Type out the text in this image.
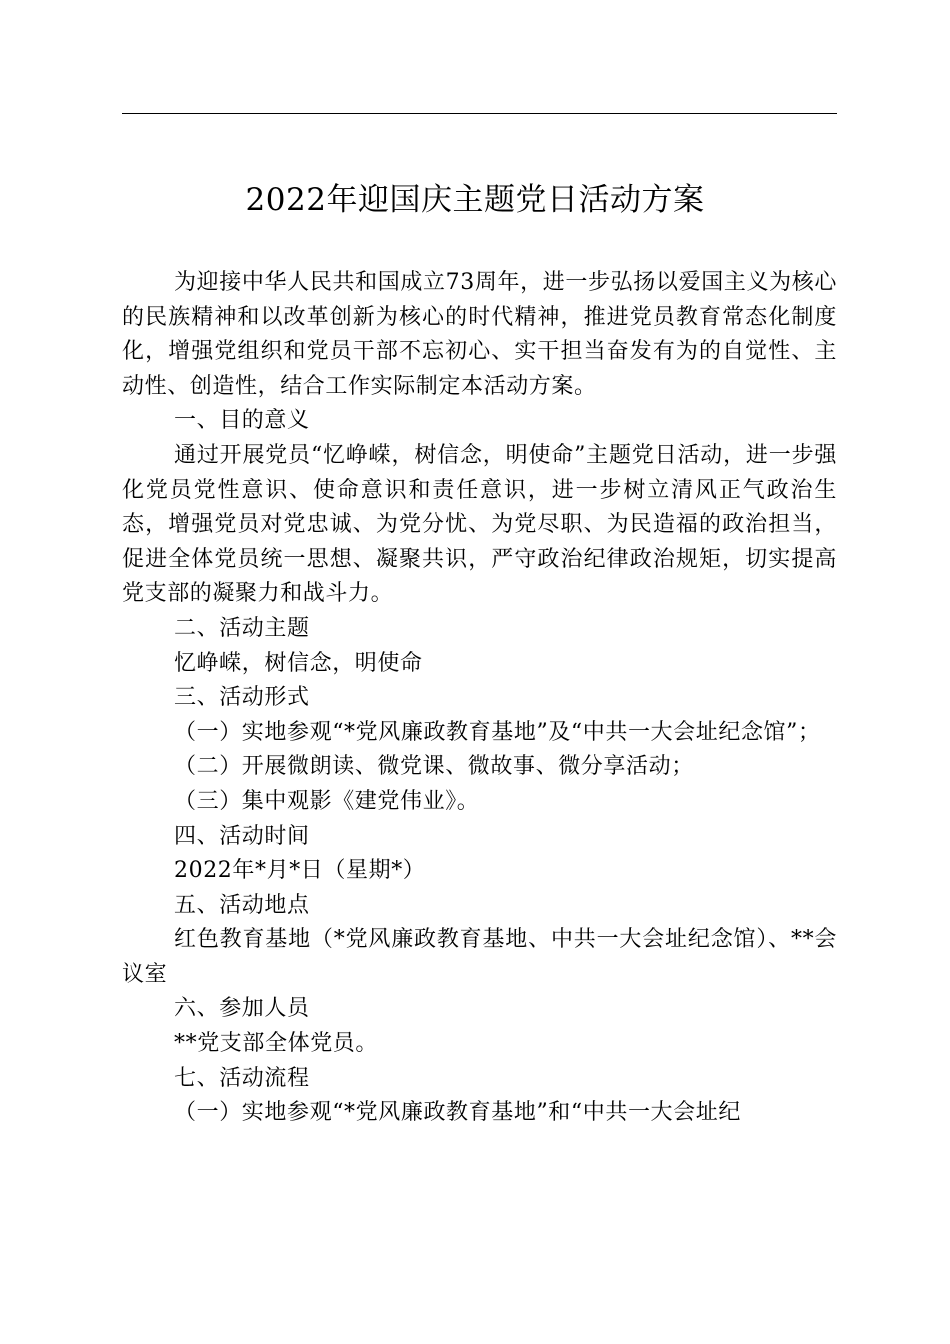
2022年迎国庆主题党日活动方案

为迎接中华人民共和国成立73周年，进一步弘扬以爱国主义为核心的民族精神和以改革创新为核心的时代精神，推进党员教育常态化制度化，增强党组织和党员干部不忘初心、实干担当奋发有为的自觉性、主动性、创造性，结合工作实际制定本活动方案。

一、目的意义

通过开展党员“忆峥嵘，树信念，明使命”主题党日活动，进一步强化党员党性意识、使命意识和责任意识，进一步树立清风正气政治生态，增强党员对党忠诚、为党分忧、为党尽职、为民造福的政治担当，促进全体党员统一思想、凝聚共识，严守政治纪律政治规矩，切实提高党支部的凝聚力和战斗力。

二、活动主题

忆峥嵘，树信念，明使命

三、活动形式

（一）实地参观“*党风廉政教育基地”及“中共一大会址纪念馆”；

（二）开展微朗读、微党课、微故事、微分享活动；

（三）集中观影《建党伟业》。

四、活动时间

2022年*月*日（星期*）

五、活动地点

红色教育基地（*党风廉政教育基地、中共一大会址纪念馆）、**会议室

六、参加人员

**党支部全体党员。

七、活动流程

（一）实地参观“*党风廉政教育基地”和“中共一大会址纪
